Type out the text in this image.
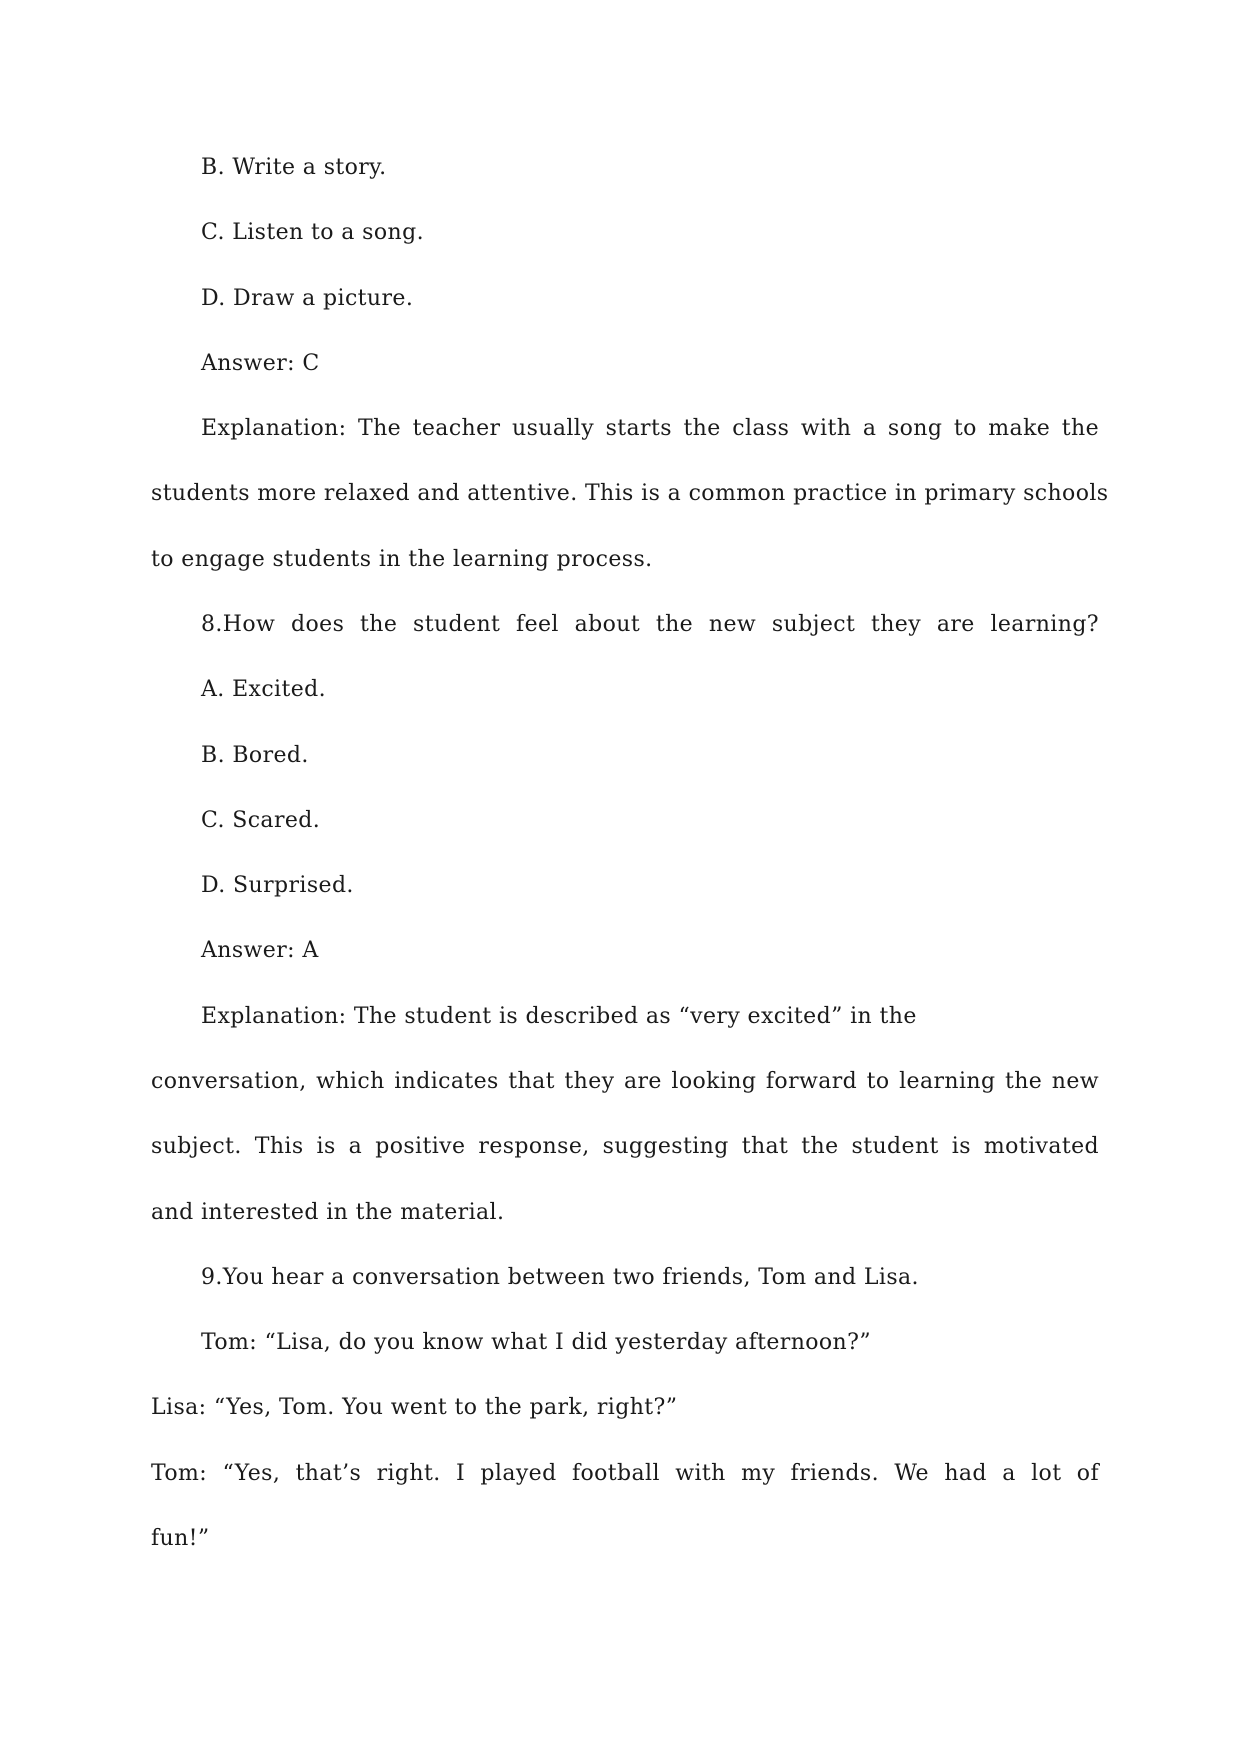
B. Write a story.
C. Listen to a song.
D. Draw a picture.
Answer: C
Explanation: The teacher usually starts the class with a song to make the
students more relaxed and attentive. This is a common practice in primary schools
to engage students in the learning process.
8.How does the student feel about the new subject they are learning?
A. Excited.
B. Bored.
C. Scared.
D. Surprised.
Answer: A
Explanation: The student is described as “very excited” in the
conversation, which indicates that they are looking forward to learning the new
subject. This is a positive response, suggesting that the student is motivated
and interested in the material.
9.You hear a conversation between two friends, Tom and Lisa.
Tom: “Lisa, do you know what I did yesterday afternoon?”
Lisa: “Yes, Tom. You went to the park, right?”
Tom: “Yes, that’s right. I played football with my friends. We had a lot of
fun!”
